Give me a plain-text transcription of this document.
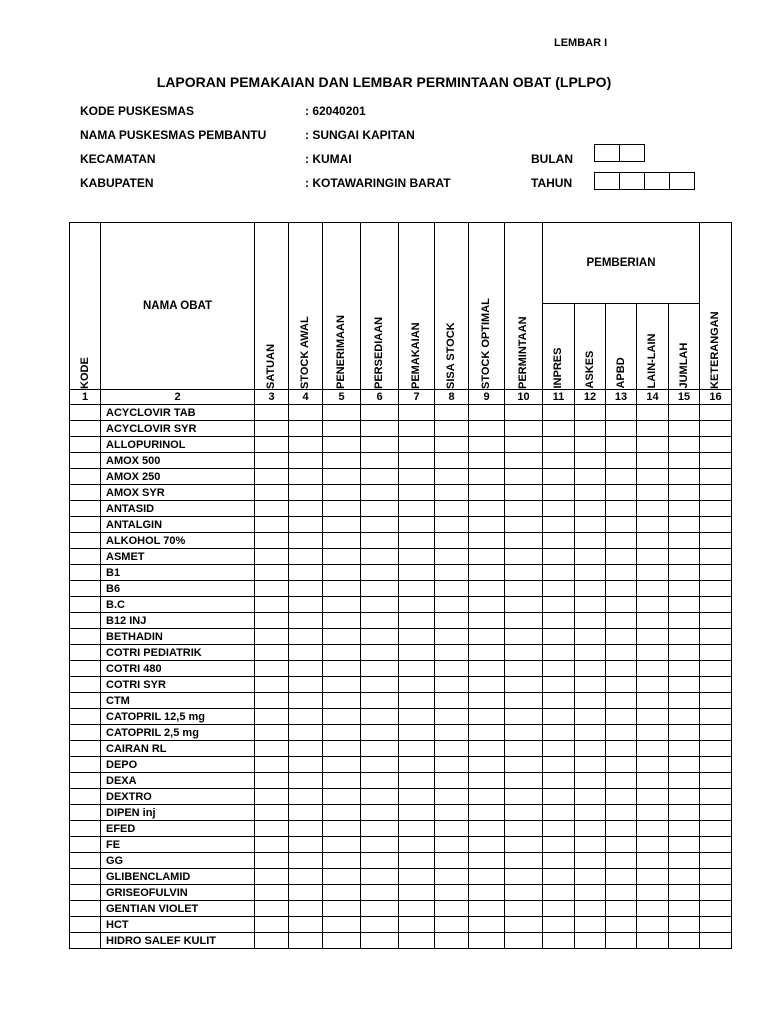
LEMBAR I
LAPORAN PEMAKAIAN DAN LEMBAR PERMINTAAN OBAT (LPLPO)
KODE PUSKESMAS	: 62040201
NAMA PUSKESMAS PEMBANTU	: SUNGAI KAPITAN
KECAMATAN	: KUMAI
KABUPATEN	: KOTAWARINGIN BARAT
BULAN
TAHUN
KODE	NAMA OBAT	SATUAN	STOCK AWAL	PENERIMAAN	PERSEDIAAN	PEMAKAIAN	SISA STOCK	STOCK OPTIMAL	PERMINTAAN	PEMBERIAN					KETERANGAN

										INPRES	ASKES	APBD	LAIN-LAIN	JUMLAH	

1	2	3	4	5	6	7	8	9	10	11	12	13	14	15	16
	ACYCLOVIR TAB														
	ACYCLOVIR SYR														
	ALLOPURINOL														
	AMOX 500														
	AMOX 250														
	AMOX SYR														
	ANTASID														
	ANTALGIN														
	ALKOHOL 70%														
	ASMET														
	B1														
	B6														
	B.C														
	B12 INJ														
	BETHADIN														
	COTRI PEDIATRIK														
	COTRI 480														
	COTRI SYR														
	CTM														
	CATOPRIL 12,5 mg														
	CATOPRIL 2,5 mg														
	CAIRAN RL														
	DEPO														
	DEXA														
	DEXTRO														
	DIPEN inj														
	EFED														
	FE														
	GG														
	GLIBENCLAMID														
	GRISEOFULVIN														
	GENTIAN VIOLET														
	HCT														
	HIDRO SALEF KULIT														
